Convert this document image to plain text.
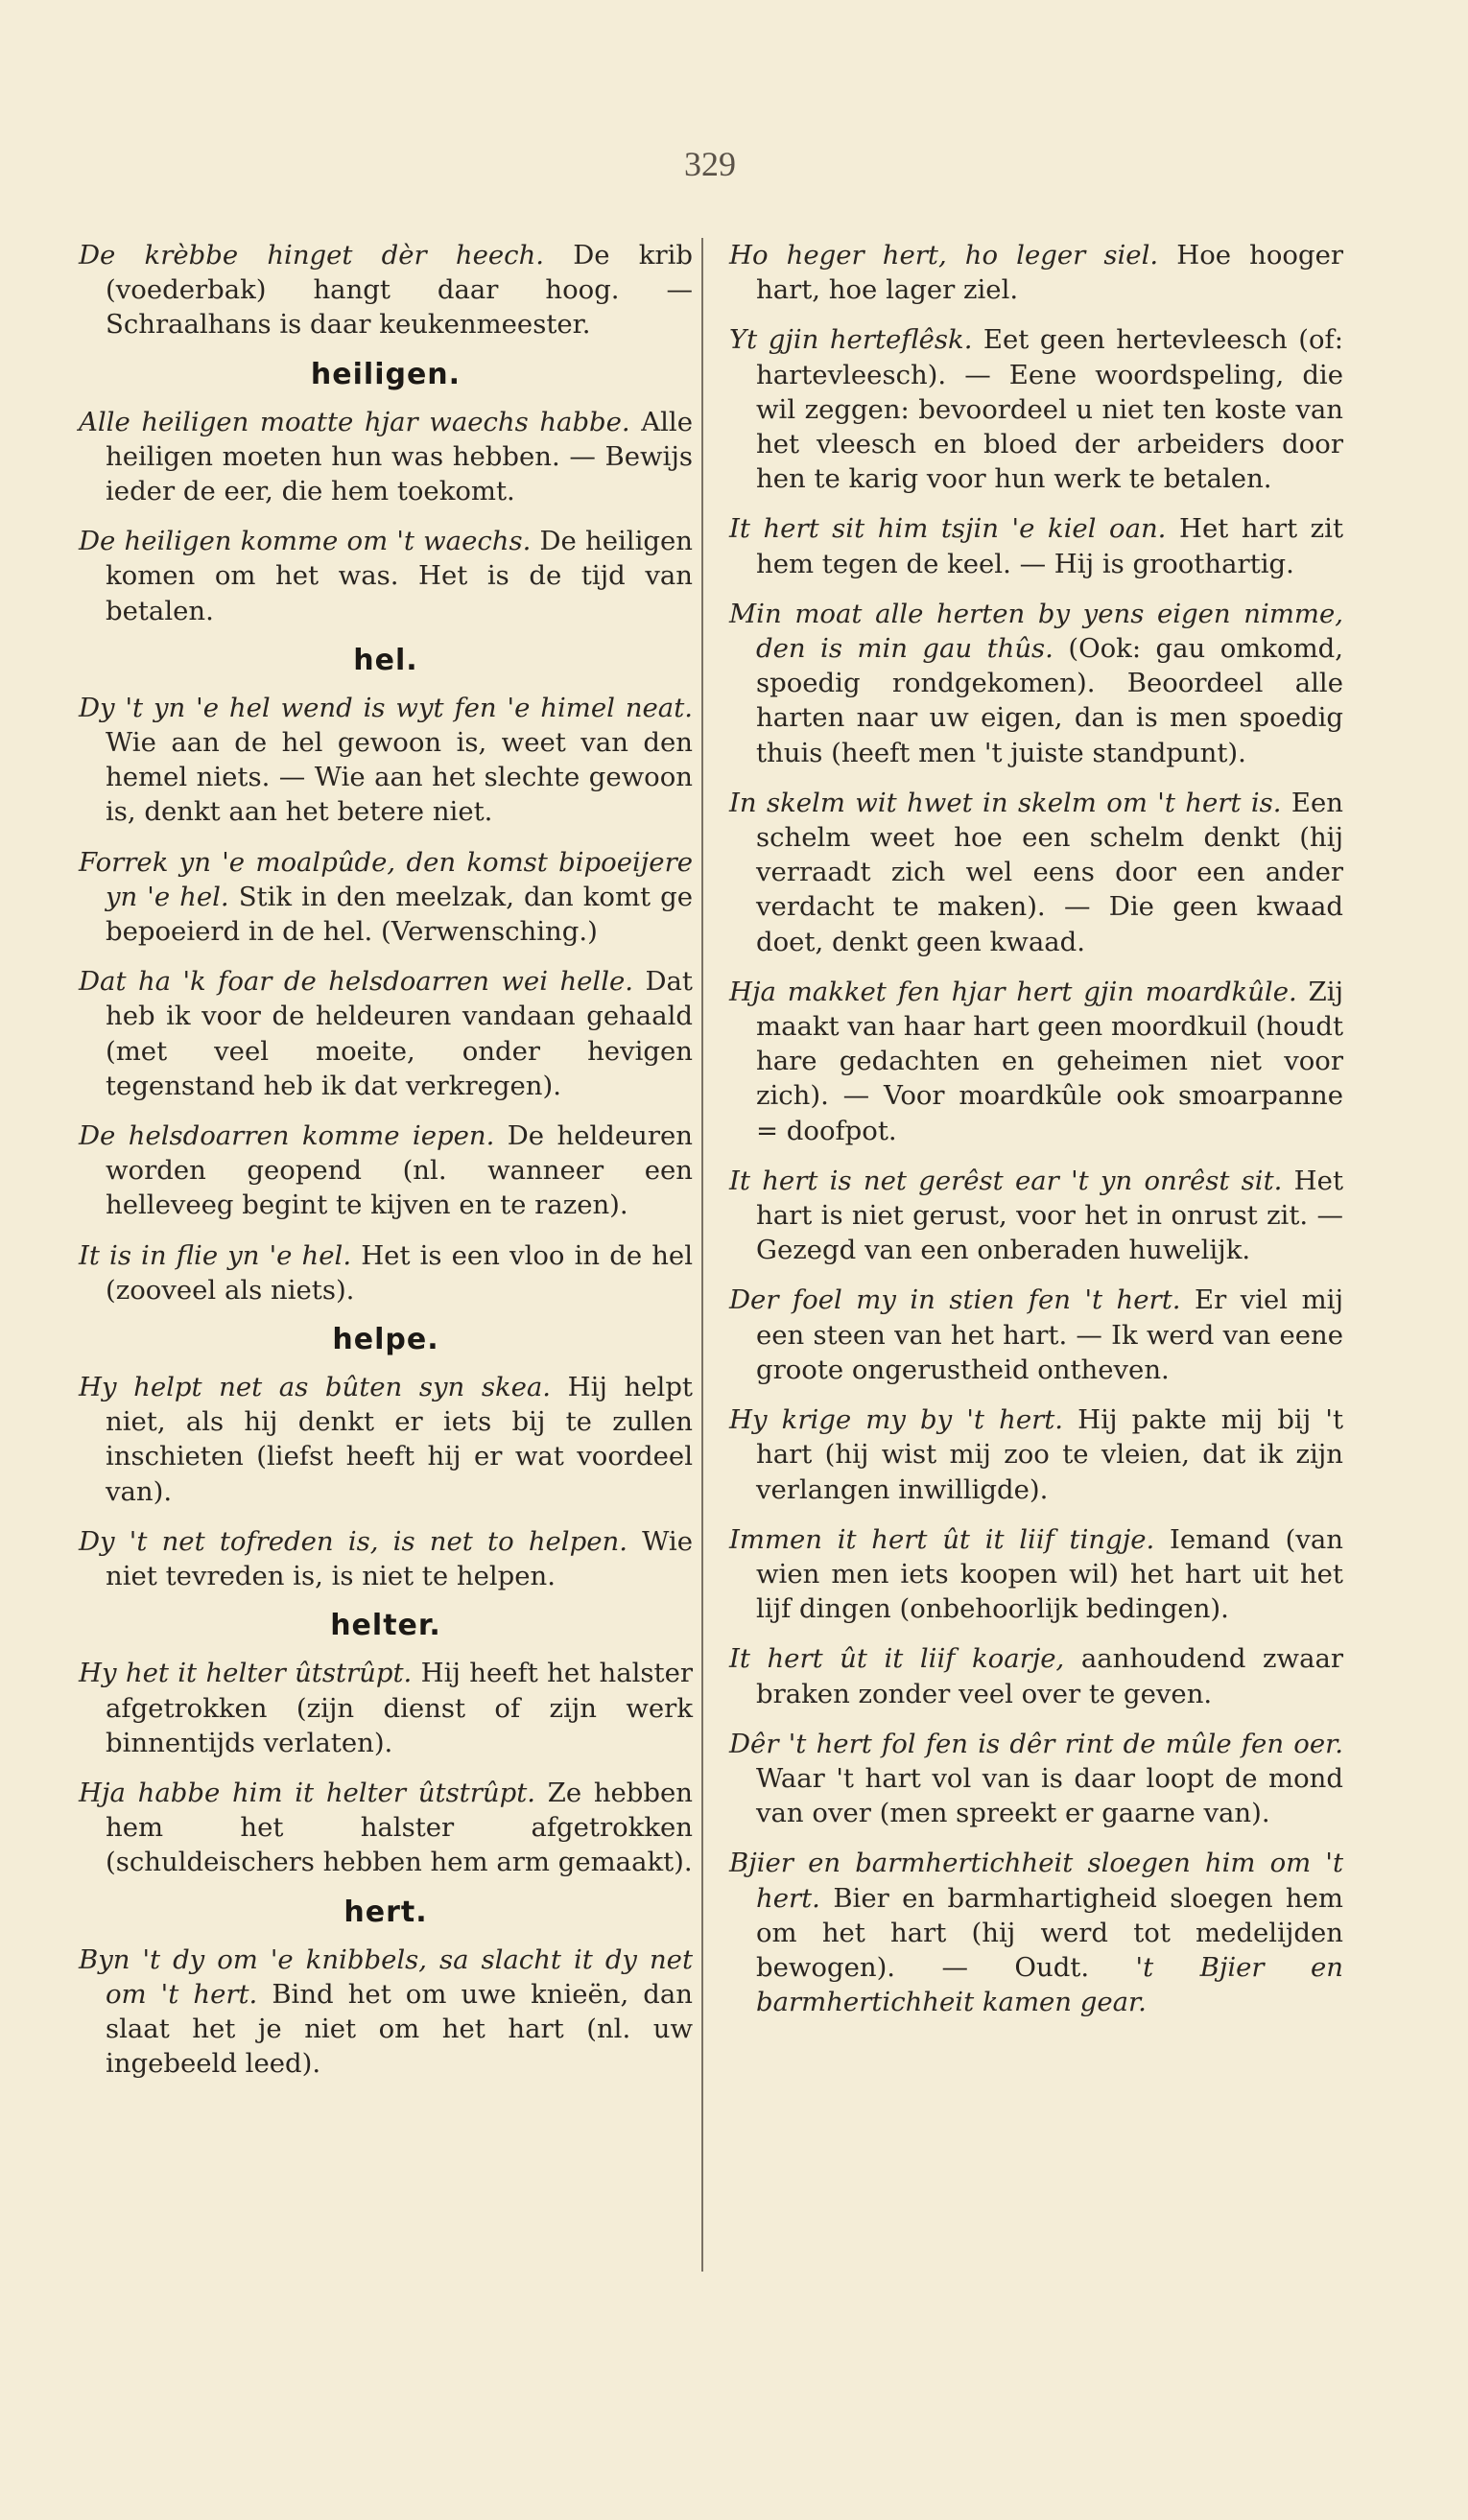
329

De krèbbe hinget dèr heech. De krib (voederbak) hangt daar hoog. — Schraalhans is daar keukenmeester.

heiligen.

Alle heiligen moatte hjar waechs habbe. Alle heiligen moeten hun was hebben. — Bewijs ieder de eer, die hem toekomt.

De heiligen komme om 't waechs. De heiligen komen om het was. Het is de tijd van betalen.

hel.

Dy 't yn 'e hel wend is wyt fen 'e himel neat. Wie aan de hel gewoon is, weet van den hemel niets. — Wie aan het slechte gewoon is, denkt aan het betere niet.

Forrek yn 'e moalpûde, den komst bipoeijere yn 'e hel. Stik in den meelzak, dan komt ge bepoeierd in de hel. (Verwensching.)

Dat ha 'k foar de helsdoarren wei helle. Dat heb ik voor de heldeuren vandaan gehaald (met veel moeite, onder hevigen tegenstand heb ik dat verkregen).

De helsdoarren komme iepen. De heldeuren worden geopend (nl. wanneer een helleveeg begint te kijven en te razen).

It is in flie yn 'e hel. Het is een vloo in de hel (zooveel als niets).

helpe.

Hy helpt net as bûten syn skea. Hij helpt niet, als hij denkt er iets bij te zullen inschieten (liefst heeft hij er wat voordeel van).

Dy 't net tofreden is, is net to helpen. Wie niet tevreden is, is niet te helpen.

helter.

Hy het it helter ûtstrûpt. Hij heeft het halster afgetrokken (zijn dienst of zijn werk binnentijds verlaten).

Hja habbe him it helter ûtstrûpt. Ze hebben hem het halster afgetrokken (schuldeischers hebben hem arm gemaakt).

hert.

Byn 't dy om 'e knibbels, sa slacht it dy net om 't hert. Bind het om uwe knieën, dan slaat het je niet om het hart (nl. uw ingebeeld leed).

Ho heger hert, ho leger siel. Hoe hooger hart, hoe lager ziel.

Yt gjin herteflêsk. Eet geen hertevleesch (of: hartevleesch). — Eene woordspeling, die wil zeggen: bevoordeel u niet ten koste van het vleesch en bloed der arbeiders door hen te karig voor hun werk te betalen.

It hert sit him tsjin 'e kiel oan. Het hart zit hem tegen de keel. — Hij is groothartig.

Min moat alle herten by yens eigen nimme, den is min gau thûs. (Ook: gau omkomd, spoedig rondgekomen). Beoordeel alle harten naar uw eigen, dan is men spoedig thuis (heeft men 't juiste standpunt).

In skelm wit hwet in skelm om 't hert is. Een schelm weet hoe een schelm denkt (hij verraadt zich wel eens door een ander verdacht te maken). — Die geen kwaad doet, denkt geen kwaad.

Hja makket fen hjar hert gjin moardkûle. Zij maakt van haar hart geen moordkuil (houdt hare gedachten en geheimen niet voor zich). — Voor moardkûle ook smoarpanne = doofpot.

It hert is net gerêst ear 't yn onrêst sit. Het hart is niet gerust, voor het in onrust zit. — Gezegd van een onberaden huwelijk.

Der foel my in stien fen 't hert. Er viel mij een steen van het hart. — Ik werd van eene groote ongerustheid ontheven.

Hy krige my by 't hert. Hij pakte mij bij 't hart (hij wist mij zoo te vleien, dat ik zijn verlangen inwilligde).

Immen it hert ût it liif tingje. Iemand (van wien men iets koopen wil) het hart uit het lijf dingen (onbehoorlijk bedingen).

It hert ût it liif koarje, aanhoudend zwaar braken zonder veel over te geven.

Dêr 't hert fol fen is dêr rint de mûle fen oer. Waar 't hart vol van is daar loopt de mond van over (men spreekt er gaarne van).

Bjier en barmhertichheit sloegen him om 't hert. Bier en barmhartigheid sloegen hem om het hart (hij werd tot medelijden bewogen). — Oudt. 't Bjier en barmhertichheit kamen gear.
